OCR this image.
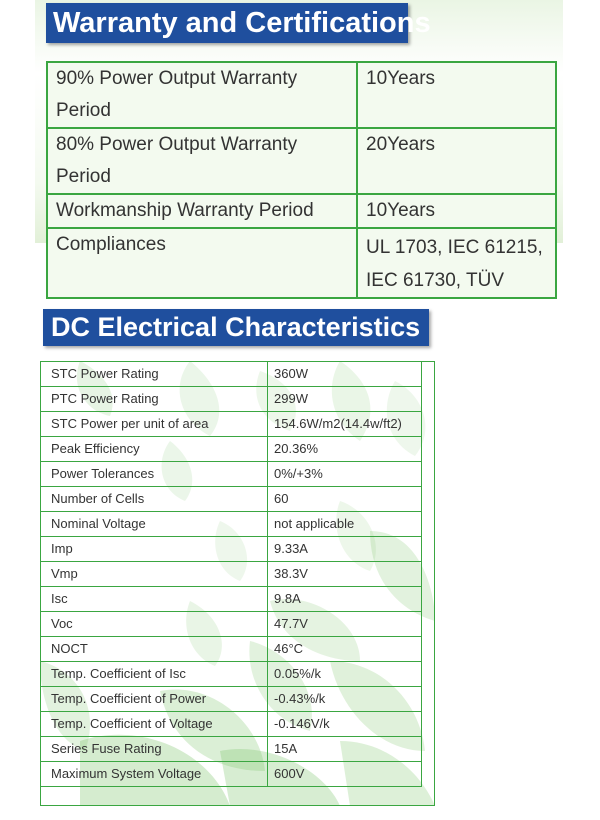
Warranty and Certifications
90% Power Output Warranty Period	10Years
80% Power Output Warranty Period	20Years
Workmanship Warranty Period	10Years
Compliances	UL 1703, IEC 61215,
IEC 61730, TÜV
DC Electrical Characteristics
STC Power Rating	360W
PTC Power Rating	299W
STC Power per unit of area	154.6W/m2(14.4w/ft2)
Peak Efficiency	20.36%
Power Tolerances	0%/+3%
Number of Cells	60
Nominal Voltage	not applicable
Imp	9.33A
Vmp	38.3V
Isc	9.8A
Voc	47.7V
NOCT	46°C
Temp. Coefficient of Isc	0.05%/k
Temp. Coefficient of Power	-0.43%/k
Temp. Coefficient of Voltage	-0.146V/k
Series Fuse Rating	15A
Maximum System Voltage	600V
